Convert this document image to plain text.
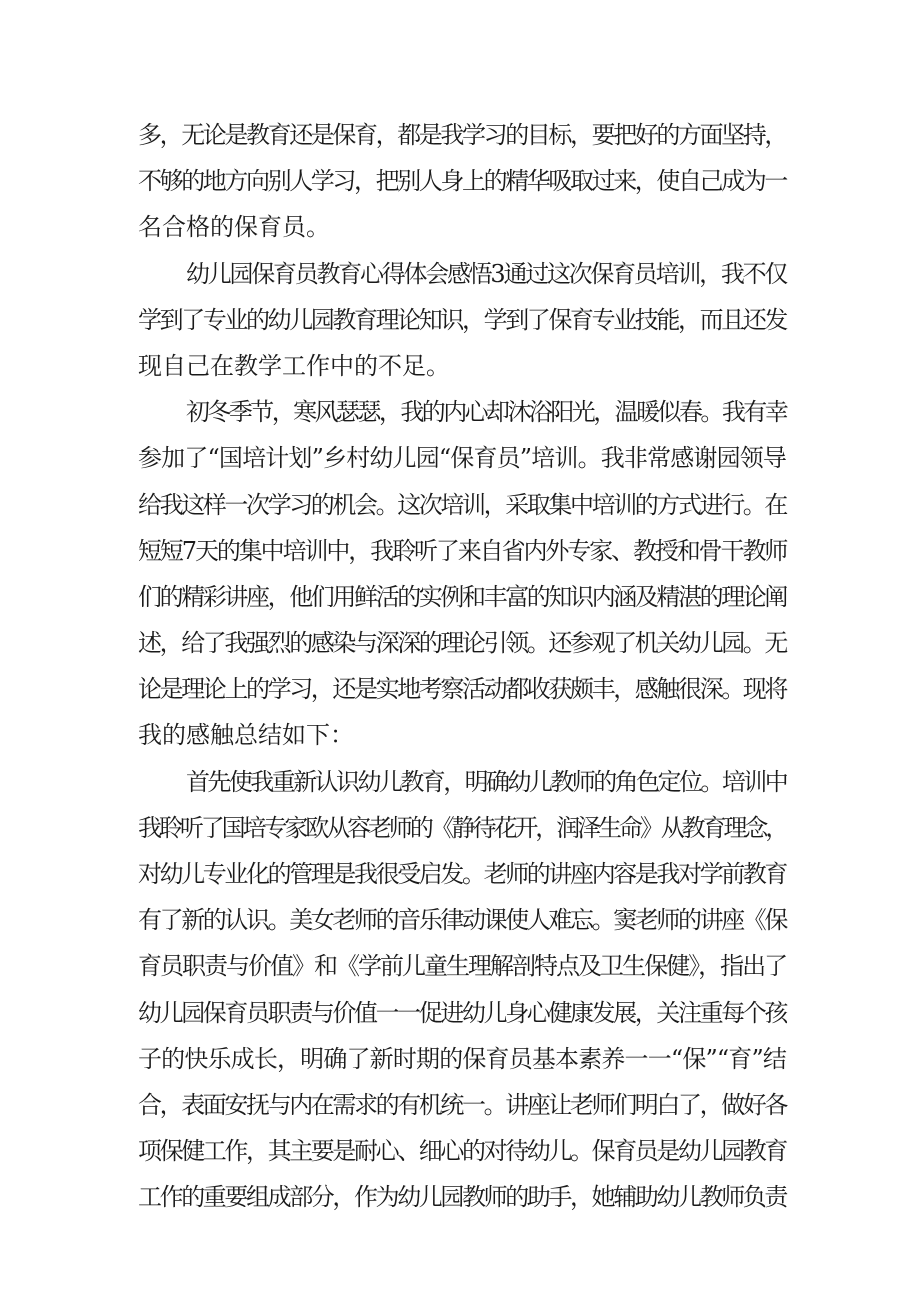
多，无论是教育还是保育，都是我学习的目标，要把好的方面坚持，
不够的地方向别人学习，把别人身上的精华吸取过来，使自己成为一
名合格的保育员。
幼儿园保育员教育心得体会感悟3通过这次保育员培训，我不仅
学到了专业的幼儿园教育理论知识，学到了保育专业技能，而且还发
现自己在教学工作中的不足。
初冬季节，寒风瑟瑟，我的内心却沐浴阳光，温暖似春。我有幸
参加了“国培计划”乡村幼儿园“保育员”培训。我非常感谢园领导
给我这样一次学习的机会。这次培训，采取集中培训的方式进行。在
短短7天的集中培训中，我聆听了来自省内外专家、教授和骨干教师
们的精彩讲座，他们用鲜活的实例和丰富的知识内涵及精湛的理论阐
述，给了我强烈的感染与深深的理论引领。还参观了机关幼儿园。无
论是理论上的学习，还是实地考察活动都收获颇丰，感触很深。现将
我的感触总结如下：
首先使我重新认识幼儿教育，明确幼儿教师的角色定位。培训中
我聆听了国培专家欧从容老师的《静待花开，润泽生命》从教育理念，
对幼儿专业化的管理是我很受启发。老师的讲座内容是我对学前教育
有了新的认识。美女老师的音乐律动课使人难忘。窦老师的讲座《保
育员职责与价值》和《学前儿童生理解剖特点及卫生保健》，指出了
幼儿园保育员职责与价值一一促进幼儿身心健康发展，关注重每个孩
子的快乐成长，明确了新时期的保育员基本素养一一“保”“育”结
合，表面安抚与内在需求的有机统一。讲座让老师们明白了，做好各
项保健工作，其主要是耐心、细心的对待幼儿。保育员是幼儿园教育
工作的重要组成部分，作为幼儿园教师的助手，她辅助幼儿教师负责
